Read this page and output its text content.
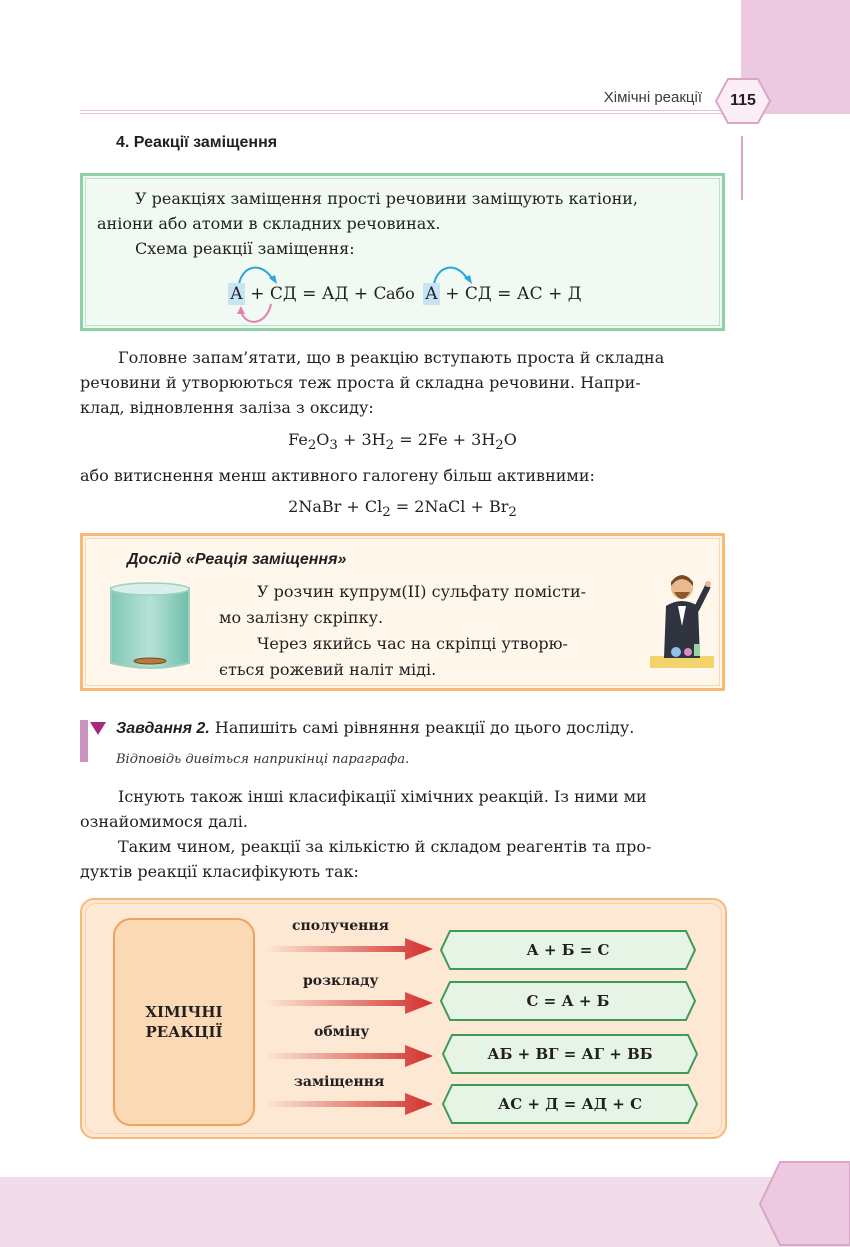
Хімічні реакції	115
4. Реакції заміщення
У реакціях заміщення прості речовини заміщують катіони,
аніони або атоми в складних речовинах.
Схема реакції заміщення:
А + СД = АД + С або А + СД = АС + Д
Головне запам’ятати, що в реакцію вступають проста й складна
речовини й утворюються теж проста й складна речовини. Напри-
клад, відновлення заліза з оксиду:
$Fe_2O_3 + 3H_2 = 2Fe + 3H_2O$
або витиснення менш активного галогену більш активними:
2NaBr + $Cl_2$ = 2NaCl + $Br_2$
Дослід «Реація заміщення»
У розчин купрум(II) сульфату помісти-
мо залізну скріпку.
Через якийсь час на скріпці утворю-
ється рожевий наліт міді.
Завдання 2. Напишіть самі рівняння реакції до цього досліду.
Відповідь дивіться наприкінці параграфа.
Існують також інші класифікації хімічних реакцій. Із ними ми
ознайомимося далі.
Таким чином, реакції за кількістю й складом реагентів та про-
дуктів реакції класифікують так:
ХІМІЧНІ
РЕАКЦІЇ
сполучення
А + Б = С
розкладу
С = А + Б
обміну
АБ + ВГ = АГ + ВБ
заміщення
АС + Д = АД + С
